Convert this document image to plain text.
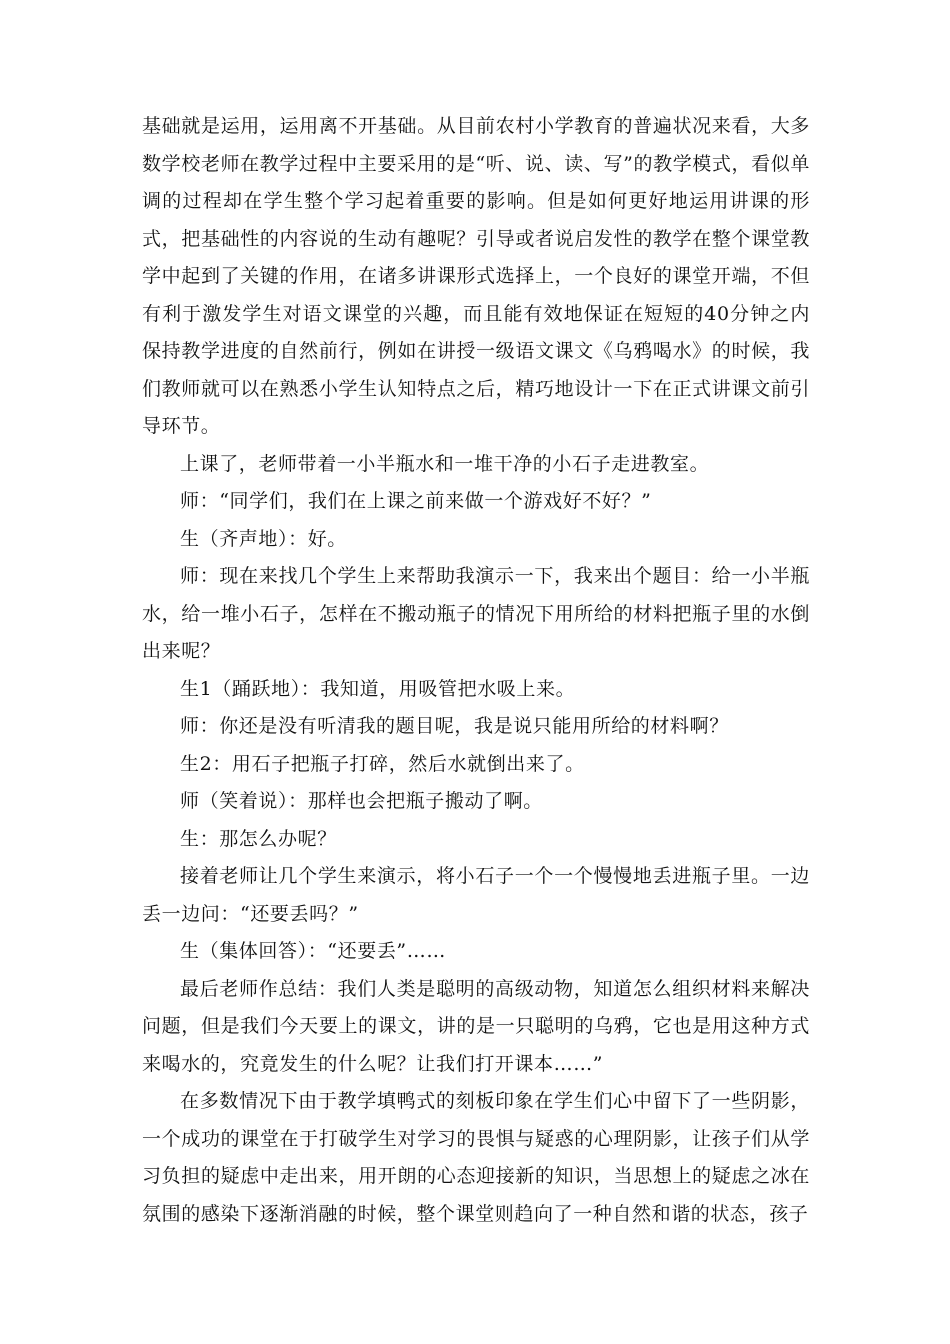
基础就是运用，运用离不开基础。从目前农村小学教育的普遍状况来看，大多数学校老师在教学过程中主要采用的是“听、说、读、写”的教学模式，看似单调的过程却在学生整个学习起着重要的影响。但是如何更好地运用讲课的形式，把基础性的内容说的生动有趣呢？引导或者说启发性的教学在整个课堂教学中起到了关键的作用，在诸多讲课形式选择上，一个良好的课堂开端，不但有利于激发学生对语文课堂的兴趣，而且能有效地保证在短短的40分钟之内保持教学进度的自然前行，例如在讲授一级语文课文《乌鸦喝水》的时候，我们教师就可以在熟悉小学生认知特点之后，精巧地设计一下在正式讲课文前引导环节。

上课了，老师带着一小半瓶水和一堆干净的小石子走进教室。

师：“同学们，我们在上课之前来做一个游戏好不好？”

生（齐声地）：好。

师：现在来找几个学生上来帮助我演示一下，我来出个题目：给一小半瓶水，给一堆小石子，怎样在不搬动瓶子的情况下用所给的材料把瓶子里的水倒出来呢？

生1（踊跃地）：我知道，用吸管把水吸上来。

师：你还是没有听清我的题目呢，我是说只能用所给的材料啊？

生2：用石子把瓶子打碎，然后水就倒出来了。

师（笑着说）：那样也会把瓶子搬动了啊。

生：那怎么办呢？

接着老师让几个学生来演示，将小石子一个一个慢慢地丢进瓶子里。一边丢一边问：“还要丢吗？”

生（集体回答）：“还要丢”……

最后老师作总结：我们人类是聪明的高级动物，知道怎么组织材料来解决问题，但是我们今天要上的课文，讲的是一只聪明的乌鸦，它也是用这种方式来喝水的，究竟发生的什么呢？让我们打开课本……”

在多数情况下由于教学填鸭式的刻板印象在学生们心中留下了一些阴影，一个成功的课堂在于打破学生对学习的畏惧与疑惑的心理阴影，让孩子们从学习负担的疑虑中走出来，用开朗的心态迎接新的知识，当思想上的疑虑之冰在氛围的感染下逐渐消融的时候，整个课堂则趋向了一种自然和谐的状态，孩子
